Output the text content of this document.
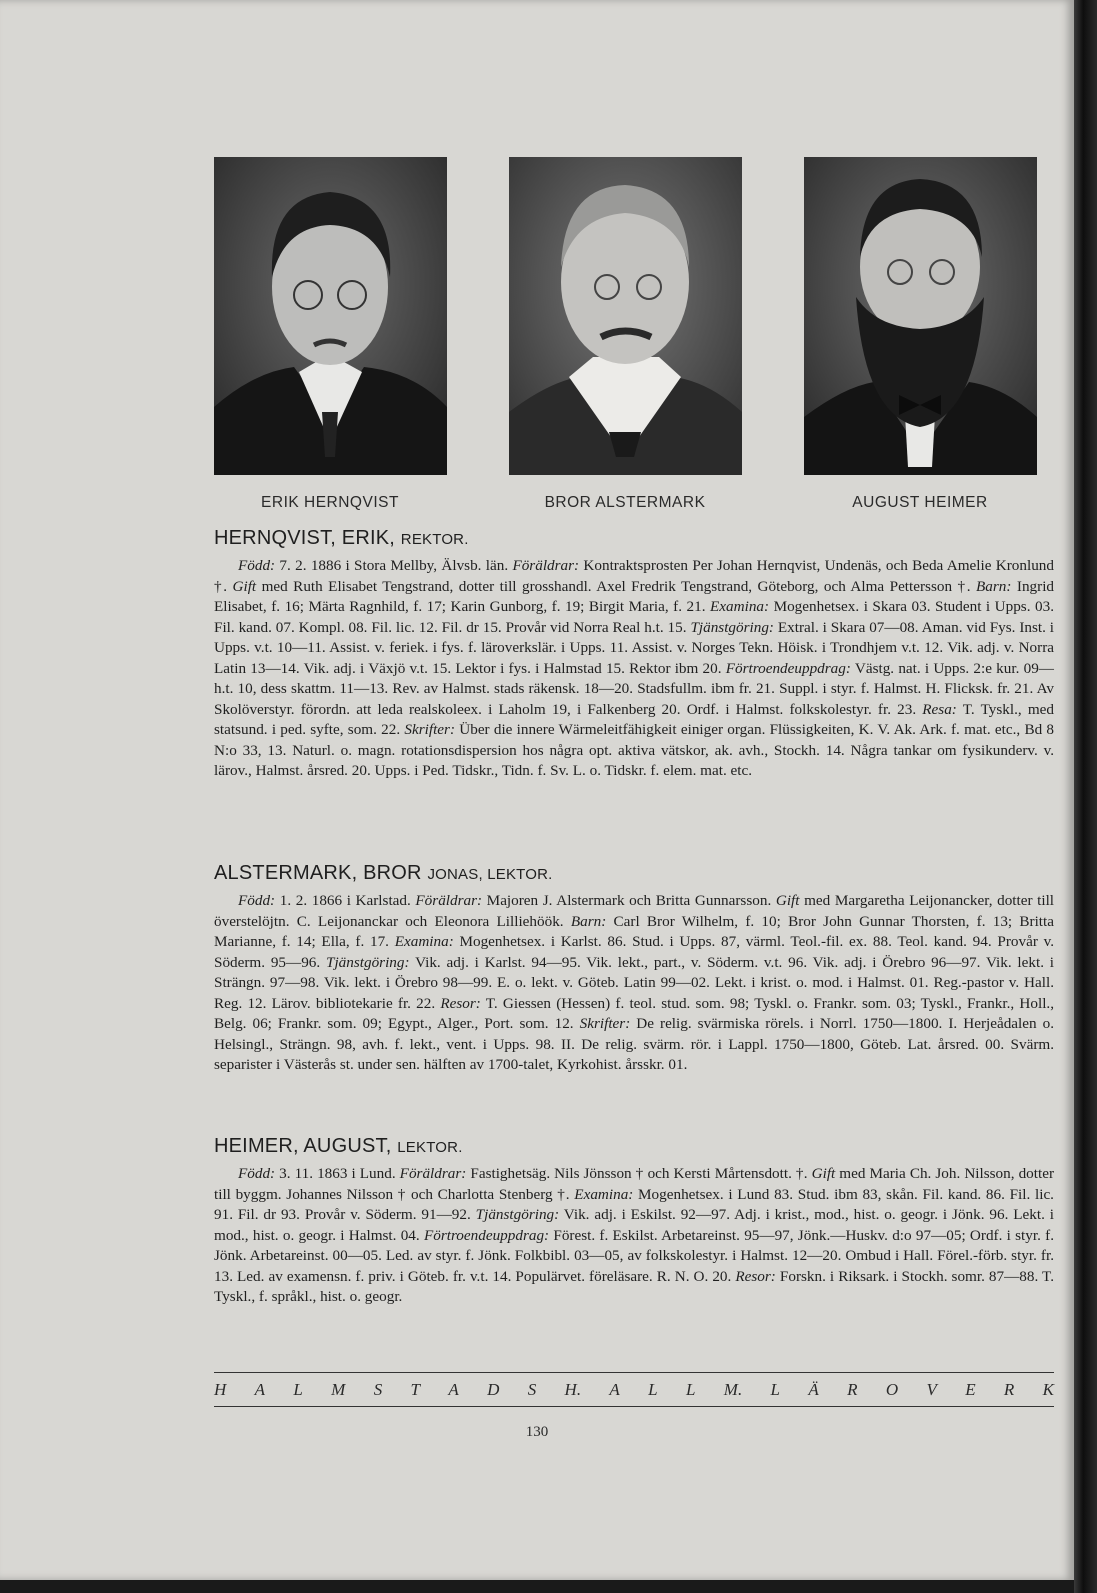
ERIK HERNQVIST	BROR ALSTERMARK	AUGUST HEIMER
HERNQVIST, ERIK, REKTOR.

Född: 7. 2. 1886 i Stora Mellby, Älvsb. län. Föräldrar: Kontraktsprosten Per Johan Hernqvist, Undenäs, och Beda Amelie Kronlund †. Gift med Ruth Elisabet Tengstrand, dotter till grosshandl. Axel Fredrik Tengstrand, Göteborg, och Alma Pettersson †. Barn: Ingrid Elisabet, f. 16; Märta Ragnhild, f. 17; Karin Gunborg, f. 19; Birgit Maria, f. 21. Examina: Mogenhetsex. i Skara 03. Student i Upps. 03. Fil. kand. 07. Kompl. 08. Fil. lic. 12. Fil. dr 15. Provår vid Norra Real h.t. 15. Tjänstgöring: Extral. i Skara 07—08. Aman. vid Fys. Inst. i Upps. v.t. 10—11. Assist. v. feriek. i fys. f. läroverkslär. i Upps. 11. Assist. v. Norges Tekn. Höisk. i Trondhjem v.t. 12. Vik. adj. v. Norra Latin 13—14. Vik. adj. i Växjö v.t. 15. Lektor i fys. i Halmstad 15. Rektor ibm 20. Förtroendeuppdrag: Västg. nat. i Upps. 2:e kur. 09—h.t. 10, dess skattm. 11—13. Rev. av Halmst. stads räkensk. 18—20. Stadsfullm. ibm fr. 21. Suppl. i styr. f. Halmst. H. Flicksk. fr. 21. Av Skolöverstyr. förordn. att leda realskoleex. i Laholm 19, i Falkenberg 20. Ordf. i Halmst. folkskolestyr. fr. 23. Resa: T. Tyskl., med statsund. i ped. syfte, som. 22. Skrifter: Über die innere Wärmeleitfähigkeit einiger organ. Flüssigkeiten, K. V. Ak. Ark. f. mat. etc., Bd 8 N:o 33, 13. Naturl. o. magn. rotationsdispersion hos några opt. aktiva vätskor, ak. avh., Stockh. 14. Några tankar om fysikunderv. v. lärov., Halmst. årsred. 20. Upps. i Ped. Tidskr., Tidn. f. Sv. L. o. Tidskr. f. elem. mat. etc.

ALSTERMARK, BROR JONAS, LEKTOR.

Född: 1. 2. 1866 i Karlstad. Föräldrar: Majoren J. Alstermark och Britta Gunnarsson. Gift med Margaretha Leijonancker, dotter till överstelöjtn. C. Leijonanckar och Eleonora Lilliehöök. Barn: Carl Bror Wilhelm, f. 10; Bror John Gunnar Thorsten, f. 13; Britta Marianne, f. 14; Ella, f. 17. Examina: Mogenhetsex. i Karlst. 86. Stud. i Upps. 87, värml. Teol.-fil. ex. 88. Teol. kand. 94. Provår v. Söderm. 95—96. Tjänstgöring: Vik. adj. i Karlst. 94—95. Vik. lekt., part., v. Söderm. v.t. 96. Vik. adj. i Örebro 96—97. Vik. lekt. i Strängn. 97—98. Vik. lekt. i Örebro 98—99. E. o. lekt. v. Göteb. Latin 99—02. Lekt. i krist. o. mod. i Halmst. 01. Reg.-pastor v. Hall. Reg. 12. Lärov. bibliotekarie fr. 22. Resor: T. Giessen (Hessen) f. teol. stud. som. 98; Tyskl. o. Frankr. som. 03; Tyskl., Frankr., Holl., Belg. 06; Frankr. som. 09; Egypt., Alger., Port. som. 12. Skrifter: De relig. svärmiska rörels. i Norrl. 1750—1800. I. Herjeådalen o. Helsingl., Strängn. 98, avh. f. lekt., vent. i Upps. 98. II. De relig. svärm. rör. i Lappl. 1750—1800, Göteb. Lat. årsred. 00. Svärm. separister i Västerås st. under sen. hälften av 1700-talet, Kyrkohist. årsskr. 01.

HEIMER, AUGUST, LEKTOR.

Född: 3. 11. 1863 i Lund. Föräldrar: Fastighetsäg. Nils Jönsson † och Kersti Mårtensdott. †. Gift med Maria Ch. Joh. Nilsson, dotter till byggm. Johannes Nilsson † och Charlotta Stenberg †. Examina: Mogenhetsex. i Lund 83. Stud. ibm 83, skån. Fil. kand. 86. Fil. lic. 91. Fil. dr 93. Provår v. Söderm. 91—92. Tjänstgöring: Vik. adj. i Eskilst. 92—97. Adj. i krist., mod., hist. o. geogr. i Jönk. 96. Lekt. i mod., hist. o. geogr. i Halmst. 04. Förtroendeuppdrag: Förest. f. Eskilst. Arbetareinst. 95—97, Jönk.—Huskv. d:o 97—05; Ordf. i styr. f. Jönk. Arbetareinst. 00—05. Led. av styr. f. Jönk. Folkbibl. 03—05, av folkskolestyr. i Halmst. 12—20. Ombud i Hall. Förel.-förb. styr. fr. 13. Led. av examensn. f. priv. i Göteb. fr. v.t. 14. Populärvet. föreläsare. R. N. O. 20. Resor: Forskn. i Riksark. i Stockh. somr. 87—88. T. Tyskl., f. språkl., hist. o. geogr.

H A L M S T A D S H. A L L M. L Ä R O V E R K
130
